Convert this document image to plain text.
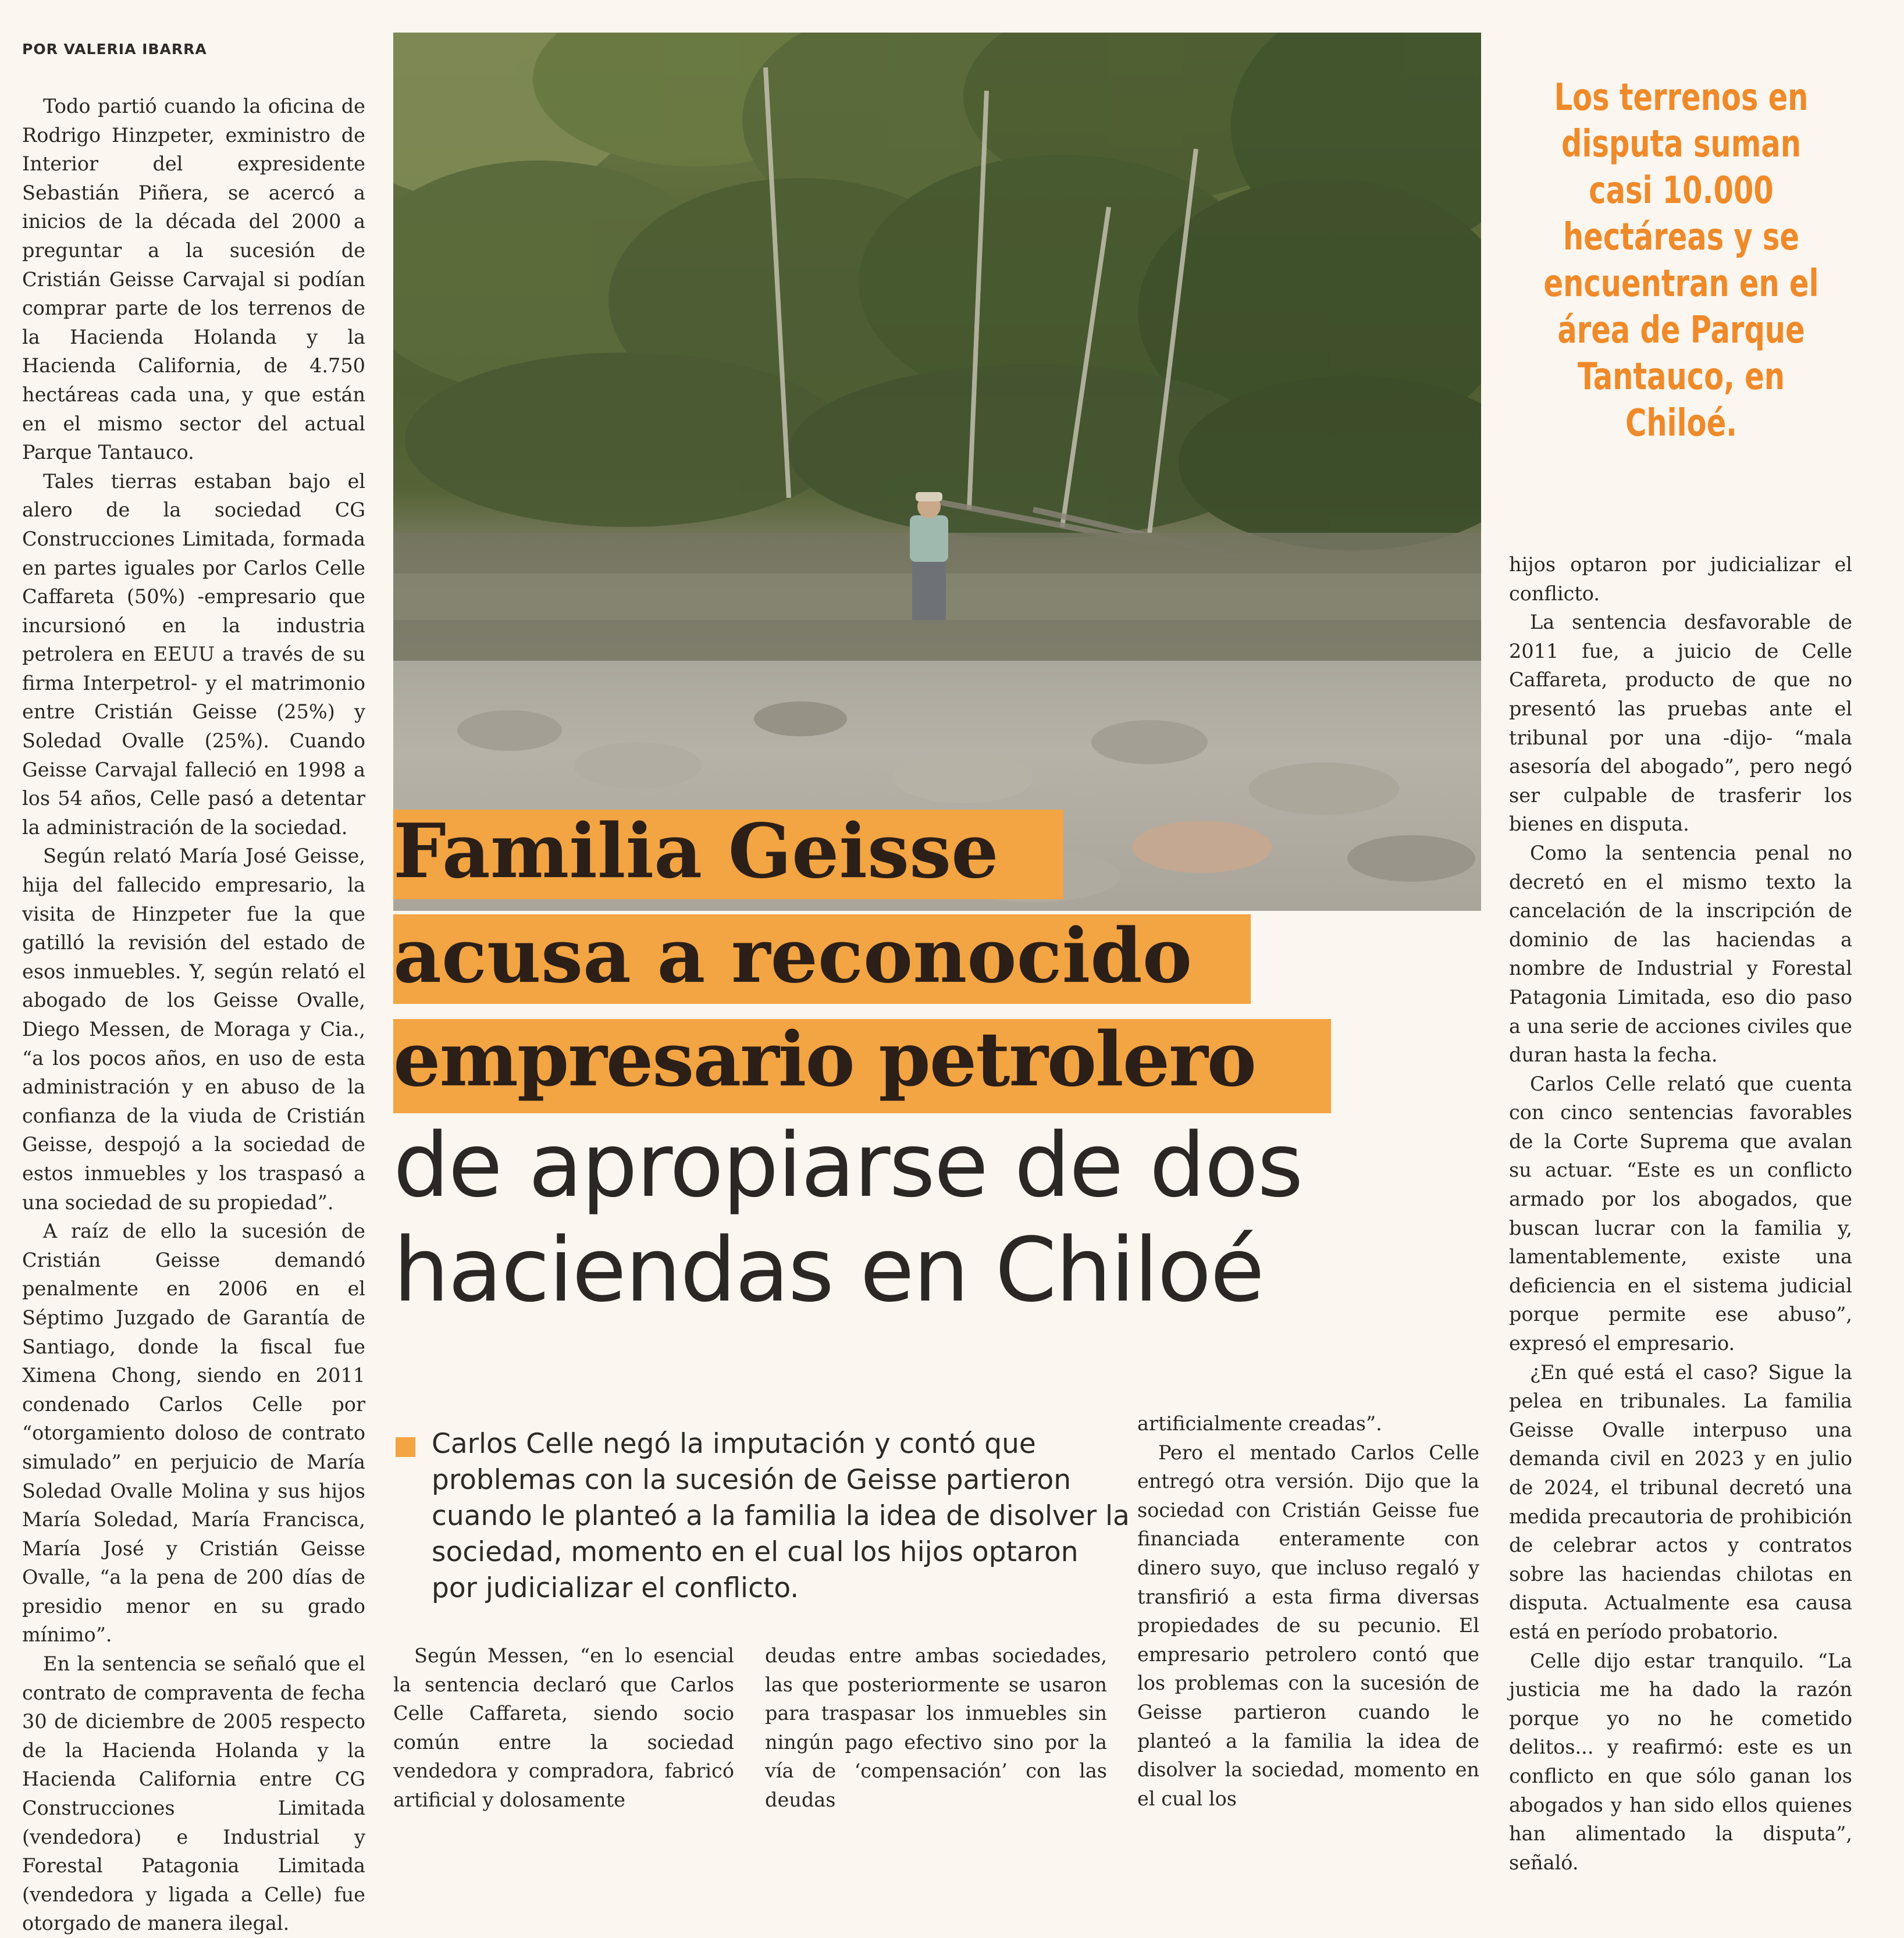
POR VALERIA IBARRA
Los terrenos en disputa suman casi 10.000 hectáreas y se encuentran en el área de Parque Tantauco, en Chiloé.
Familia Geisse
acusa a reconocido
empresario petrolero
de apropiarse de dos
haciendas en Chiloé
Carlos Celle negó la imputación y contó que problemas con la sucesión de Geisse partieron cuando le planteó a la familia la idea de disolver la sociedad, momento en el cual los hijos optaron por judicializar el conflicto.

Todo partió cuando la oficina de Rodrigo Hinzpeter, exministro de Interior del expresidente Sebastián Piñera, se acercó a inicios de la década del 2000 a preguntar a la sucesión de Cristián Geisse Carvajal si podían comprar parte de los terrenos de la Hacienda Holanda y la Hacienda California, de 4.750 hectáreas cada una, y que están en el mismo sector del actual Parque Tantauco.

Tales tierras estaban bajo el alero de la sociedad CG Construcciones Limitada, formada en partes iguales por Carlos Celle Caffareta (50%) -empresario que incursionó en la industria petrolera en EEUU a través de su firma Interpetrol- y el matrimonio entre Cristián Geisse (25%) y Soledad Ovalle (25%). Cuando Geisse Carvajal falleció en 1998 a los 54 años, Celle pasó a detentar la administración de la sociedad.

Según relató María José Geisse, hija del fallecido empresario, la visita de Hinzpeter fue la que gatilló la revisión del estado de esos inmuebles. Y, según relató el abogado de los Geisse Ovalle, Diego Messen, de Moraga y Cia., “a los pocos años, en uso de esta administración y en abuso de la confianza de la viuda de Cristián Geisse, despojó a la sociedad de estos inmuebles y los traspasó a una sociedad de su propiedad”.

A raíz de ello la sucesión de Cristián Geisse demandó penalmente en 2006 en el Séptimo Juzgado de Garantía de Santiago, donde la fiscal fue Ximena Chong, siendo en 2011 condenado Carlos Celle por “otorgamiento doloso de contrato simulado” en perjuicio de María Soledad Ovalle Molina y sus hijos María Soledad, María Francisca, María José y Cristián Geisse Ovalle, “a la pena de 200 días de presidio menor en su grado mínimo”.

En la sentencia se señaló que el contrato de compraventa de fecha 30 de diciembre de 2005 respecto de la Hacienda Holanda y la Hacienda California entre CG Construcciones Limitada (vendedora) e Industrial y Forestal Patagonia Limitada (vendedora y ligada a Celle) fue otorgado de manera ilegal.

Según Messen, “en lo esencial la sentencia declaró que Carlos Celle Caffareta, siendo socio común entre la sociedad vendedora y compradora, fabricó artificial y dolosamente

deudas entre ambas sociedades, las que posteriormente se usaron para traspasar los inmuebles sin ningún pago efectivo sino por la vía de ‘compensación’ con las deudas

artificialmente creadas”.

Pero el mentado Carlos Celle entregó otra versión. Dijo que la sociedad con Cristián Geisse fue financiada enteramente con dinero suyo, que incluso regaló y transfirió a esta firma diversas propiedades de su pecunio. El empresario petrolero contó que los problemas con la sucesión de Geisse partieron cuando le planteó a la familia la idea de disolver la sociedad, momento en el cual los

hijos optaron por judicializar el conflicto.

La sentencia desfavorable de 2011 fue, a juicio de Celle Caffareta, producto de que no presentó las pruebas ante el tribunal por una -dijo- “mala asesoría del abogado”, pero negó ser culpable de trasferir los bienes en disputa.

Como la sentencia penal no decretó en el mismo texto la cancelación de la inscripción de dominio de las haciendas a nombre de Industrial y Forestal Patagonia Limitada, eso dio paso a una serie de acciones civiles que duran hasta la fecha.

Carlos Celle relató que cuenta con cinco sentencias favorables de la Corte Suprema que avalan su actuar. “Este es un conflicto armado por los abogados, que buscan lucrar con la familia y, lamentablemente, existe una deficiencia en el sistema judicial porque permite ese abuso”, expresó el empresario.

¿En qué está el caso? Sigue la pelea en tribunales. La familia Geisse Ovalle interpuso una demanda civil en 2023 y en julio de 2024, el tribunal decretó una medida precautoria de prohibición de celebrar actos y contratos sobre las haciendas chilotas en disputa. Actualmente esa causa está en período probatorio.

Celle dijo estar tranquilo. “La justicia me ha dado la razón porque yo no he cometido delitos... y reafirmó: este es un conflicto en que sólo ganan los abogados y han sido ellos quienes han alimentado la disputa”, señaló.
